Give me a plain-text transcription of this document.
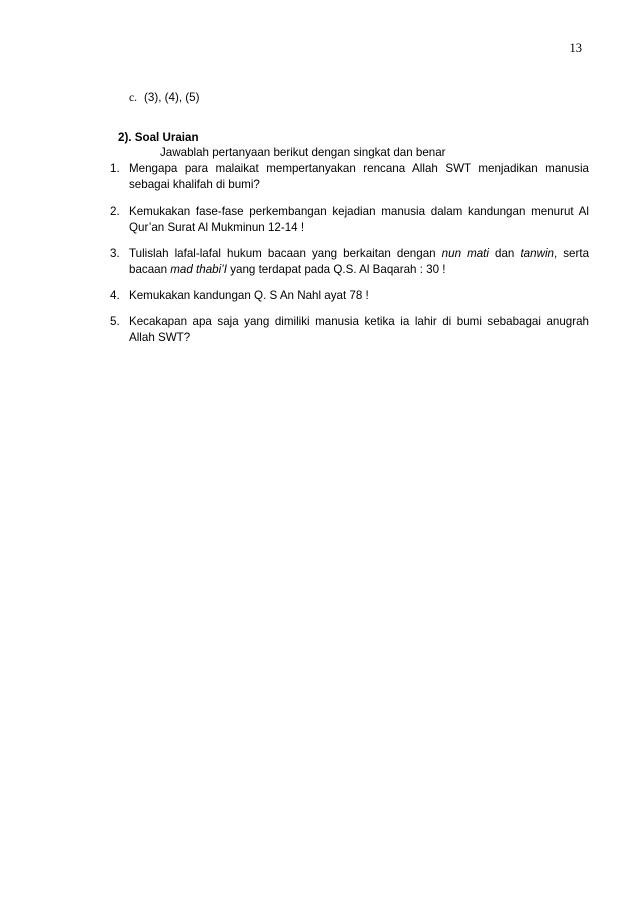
13
c. (3), (4), (5)
2). Soal Uraian
Jawablah pertanyaan berikut dengan singkat dan benar
1. Mengapa para malaikat mempertanyakan rencana Allah SWT menjadikan manusia sebagai khalifah di bumi?
2. Kemukakan fase-fase perkembangan kejadian manusia dalam kandungan menurut Al Qur’an Surat Al Mukminun 12-14 !
3. Tulislah lafal-lafal hukum bacaan yang berkaitan dengan nun mati dan tanwin, serta bacaan mad thabi’I yang terdapat pada Q.S. Al Baqarah : 30 !
4. Kemukakan kandungan Q. S An Nahl ayat 78 !
5. Kecakapan apa saja yang dimiliki manusia ketika ia lahir di bumi sebabagai anugrah Allah SWT?
